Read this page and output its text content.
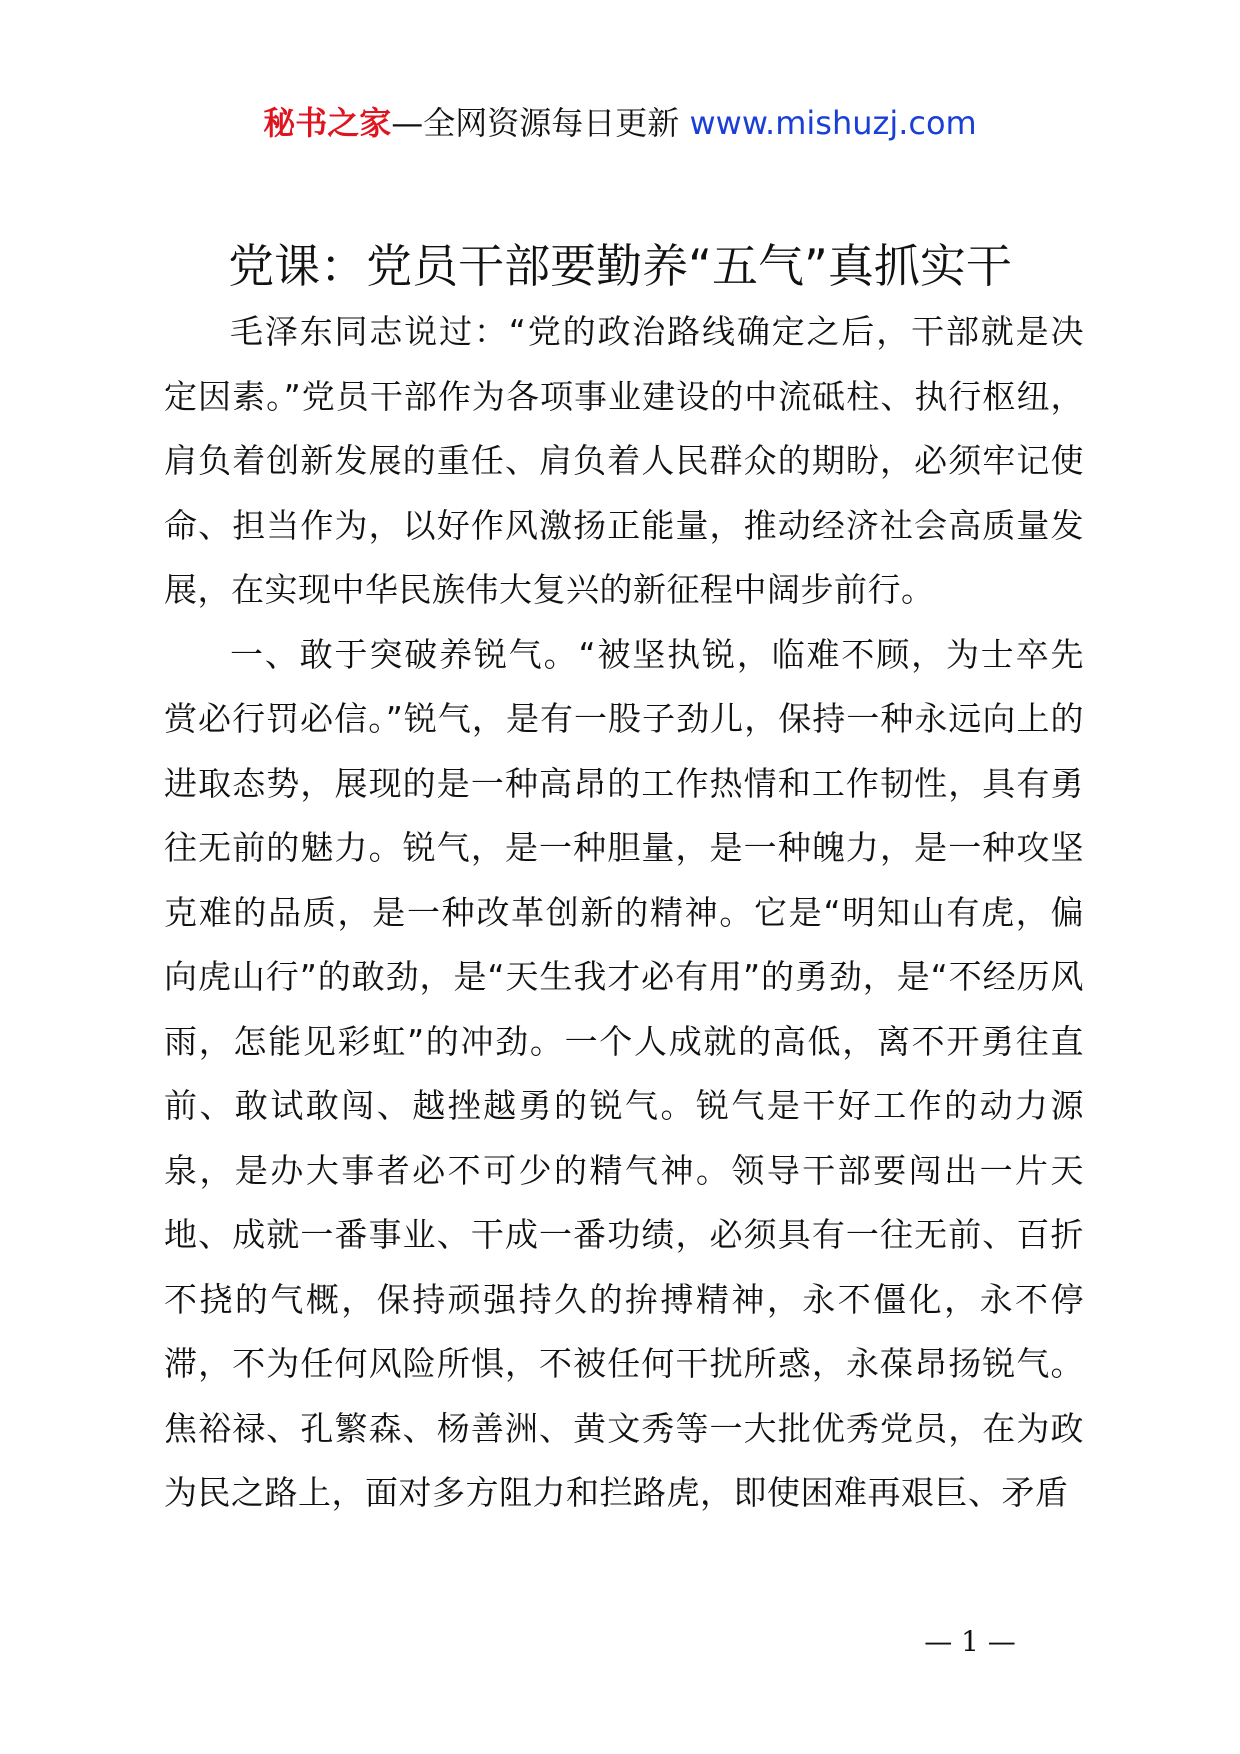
秘书之家—全网资源每日更新 www.mishuzj.com
党课：党员干部要勤养“五气”真抓实干

毛泽东同志说过：“党的政治路线确定之后，干部就是决定因素。”党员干部作为各项事业建设的中流砥柱、执行枢纽，肩负着创新发展的重任、肩负着人民群众的期盼，必须牢记使命、担当作为，以好作风激扬正能量，推动经济社会高质量发展，在实现中华民族伟大复兴的新征程中阔步前行。

一、敢于突破养锐气。“被坚执锐，临难不顾，为士卒先赏必行罚必信。”锐气，是有一股子劲儿，保持一种永远向上的进取态势，展现的是一种高昂的工作热情和工作韧性，具有勇往无前的魅力。锐气，是一种胆量，是一种魄力，是一种攻坚克难的品质，是一种改革创新的精神。它是“明知山有虎，偏向虎山行”的敢劲，是“天生我才必有用”的勇劲，是“不经历风雨，怎能见彩虹”的冲劲。一个人成就的高低，离不开勇往直前、敢试敢闯、越挫越勇的锐气。锐气是干好工作的动力源泉，是办大事者必不可少的精气神。领导干部要闯出一片天地、成就一番事业、干成一番功绩，必须具有一往无前、百折不挠的气概，保持顽强持久的拚搏精神，永不僵化，永不停滞，不为任何风险所惧，不被任何干扰所惑，永葆昂扬锐气。焦裕禄、孔繁森、杨善洲、黄文秀等一大批优秀党员，在为政为民之路上，面对多方阻力和拦路虎，即使困难再艰巨、矛盾

— 1 —
